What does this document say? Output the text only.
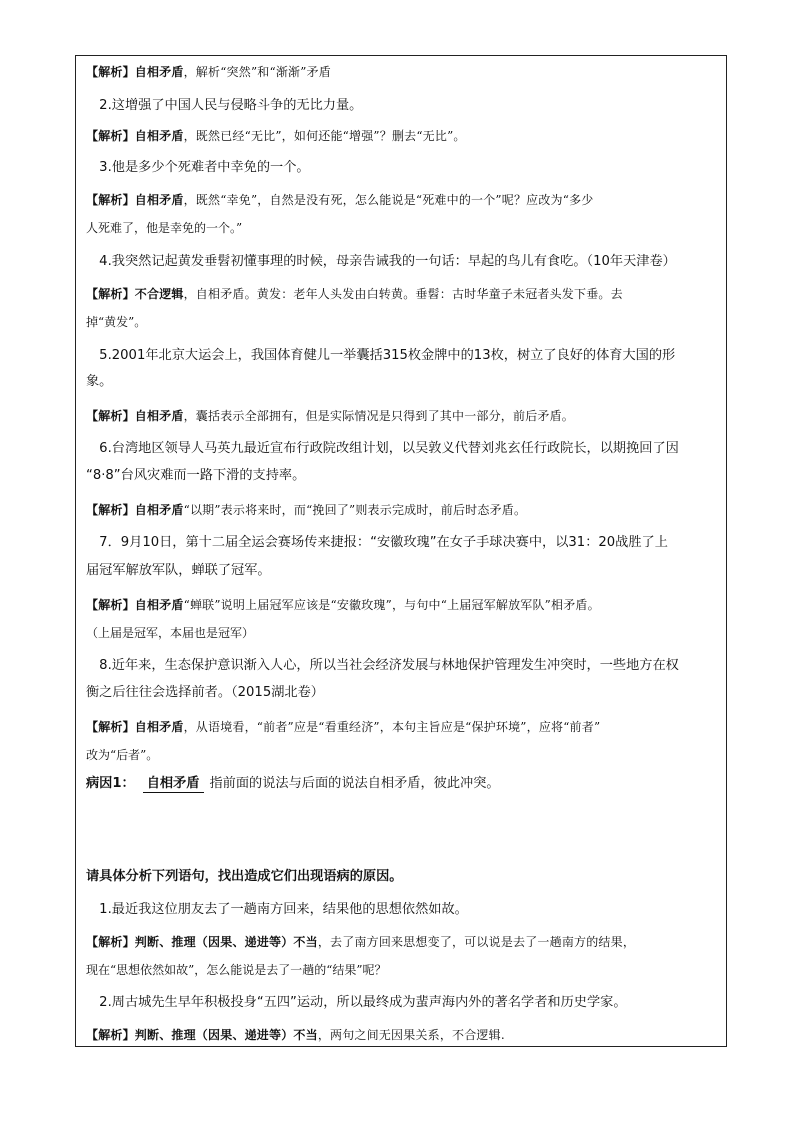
【解析】自相矛盾，解析“突然”和“渐渐”矛盾
　2.这增强了中国人民与侵略斗争的无比力量。
【解析】自相矛盾，既然已经“无比”，如何还能“增强”？删去“无比”。
　3.他是多少个死难者中幸免的一个。
【解析】自相矛盾，既然“幸免”，自然是没有死，怎么能说是“死难中的一个”呢？应改为“多少
人死难了，他是幸免的一个。”
　4.我突然记起黄发垂髫初懂事理的时候，母亲告诫我的一句话：早起的鸟儿有食吃。（10年天津卷）
【解析】不合逻辑，自相矛盾。黄发：老年人头发由白转黄。垂髫：古时华童子未冠者头发下垂。去
掉“黄发”。
　5.2001年北京大运会上，我国体育健儿一举囊括315枚金牌中的13枚，树立了良好的体育大国的形
象。
【解析】自相矛盾，囊括表示全部拥有，但是实际情况是只得到了其中一部分，前后矛盾。
　6.台湾地区领导人马英九最近宣布行政院改组计划，以吴敦义代替刘兆玄任行政院长，以期挽回了因
“8·8”台风灾难而一路下滑的支持率。
【解析】自相矛盾“以期”表示将来时，而“挽回了”则表示完成时，前后时态矛盾。
　7．9月10日，第十二届全运会赛场传来捷报：“安徽玫瑰”在女子手球决赛中，以31：20战胜了上
届冠军解放军队，蝉联了冠军。
【解析】自相矛盾“蝉联”说明上届冠军应该是“安徽玫瑰”，与句中“上届冠军解放军队”相矛盾。
（上届是冠军，本届也是冠军）
　8.近年来，生态保护意识渐入人心，所以当社会经济发展与林地保护管理发生冲突时，一些地方在权
衡之后往往会选择前者。（2015湖北卷）
【解析】自相矛盾，从语境看，“前者”应是“看重经济”，本句主旨应是“保护环境”，应将“前者”
改为“后者”。
　1.最近我这位朋友去了一趟南方回来，结果他的思想依然如故。
【解析】判断、推理（因果、递进等）不当，去了南方回来思想变了，可以说是去了一趟南方的结果，
现在“思想依然如故”，怎么能说是去了一趟的“结果”呢？
　2.周古城先生早年积极投身“五四”运动，所以最终成为蜚声海内外的著名学者和历史学家。
【解析】判断、推理（因果、递进等）不当，两句之间无因果关系，不合逻辑.
病因1： 自相矛盾 指前面的说法与后面的说法自相矛盾，彼此冲突。
请具体分析下列语句，找出造成它们出现语病的原因。
